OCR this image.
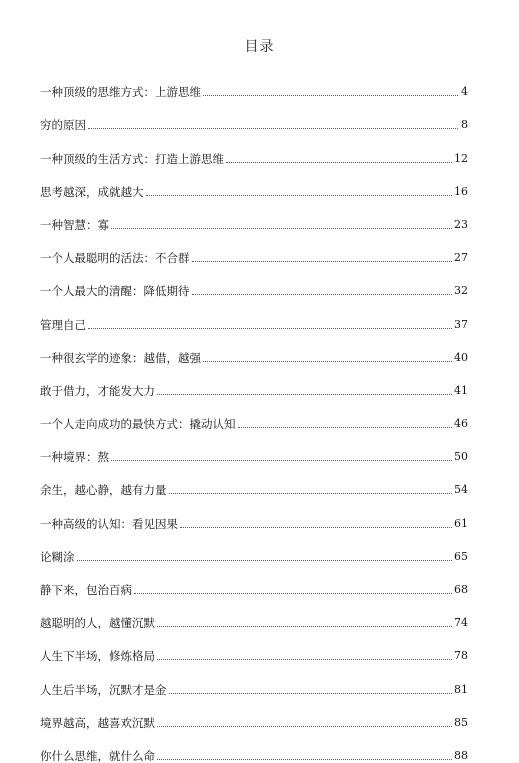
目录
一种顶级的思维方式：上游思维	4
穷的原因	8
一种顶级的生活方式：打造上游思维	12
思考越深，成就越大	16
一种智慧：寡	23
一个人最聪明的活法：不合群	27
一个人最大的清醒：降低期待	32
管理自己	37
一种很玄学的迹象：越借，越强	40
敢于借力，才能发大力	41
一个人走向成功的最快方式：撬动认知	46
一种境界：熬	50
余生，越心静，越有力量	54
一种高级的认知：看见因果	61
论糊涂	65
静下来，包治百病	68
越聪明的人，越懂沉默	74
人生下半场，修炼格局	78
人生后半场，沉默才是金	81
境界越高，越喜欢沉默	85
你什么思维，就什么命	88
